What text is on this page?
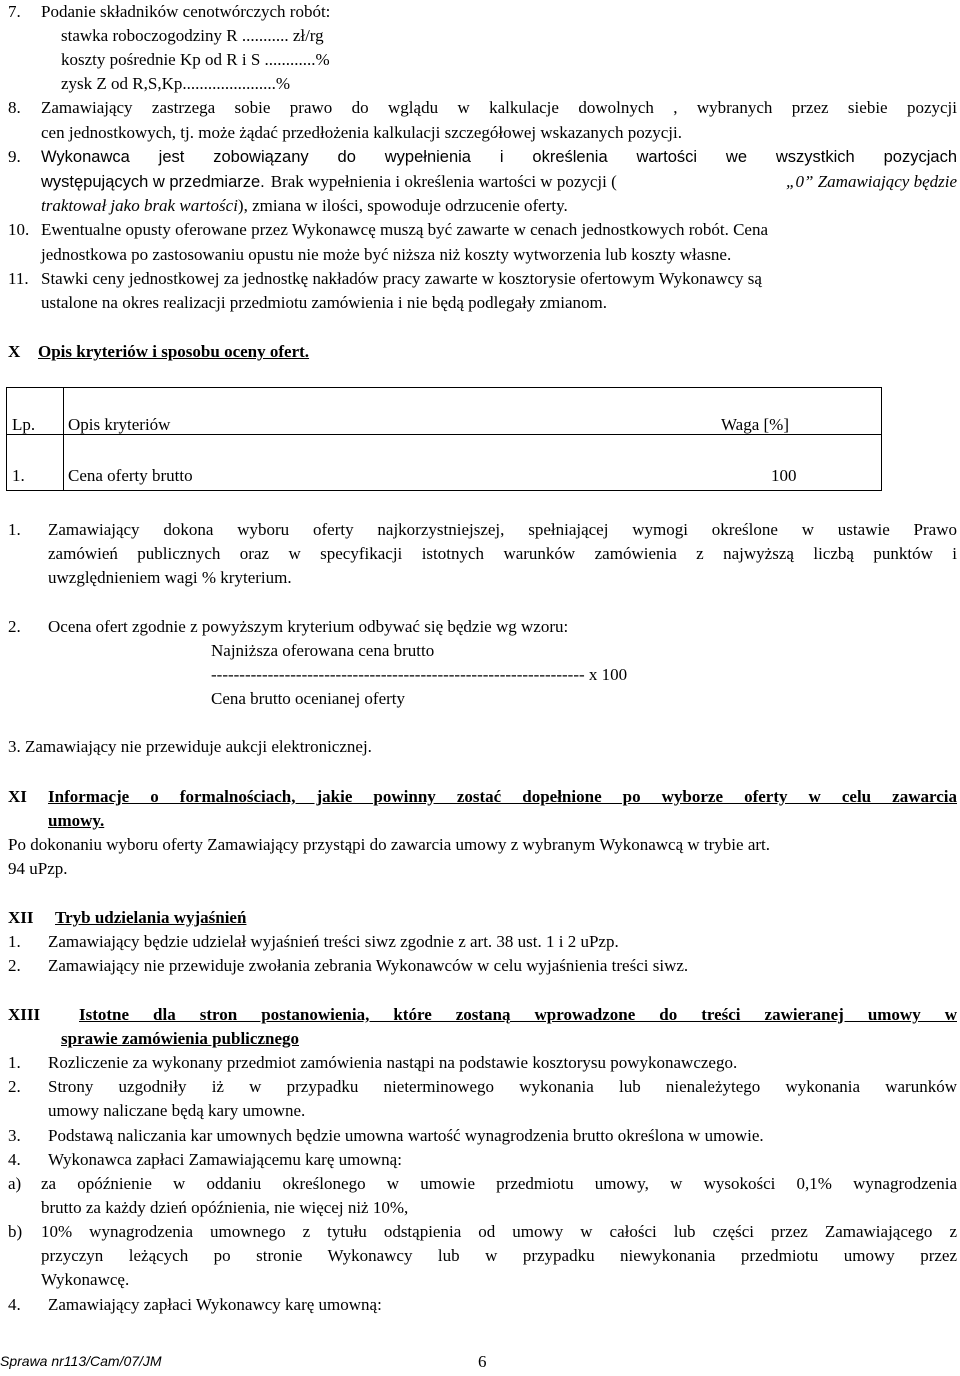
7. Podanie składników cenotwórczych robót:
stawka roboczogodziny R ........... zł/rg
koszty pośrednie Kp od R i S ............%
zysk Z od R,S,Kp......................%
8. Zamawiający zastrzega sobie prawo do wglądu w kalkulacje dowolnych , wybranych przez siebie pozycji
cen jednostkowych, tj. może żądać przedłożenia kalkulacji szczegółowej wskazanych pozycji.
9. Wykonawca jest zobowiązany do wypełnienia i określenia wartości we wszystkich pozycjach
występujących w przedmiarze. Brak wypełnienia i określenia wartości w pozycji (	„0” Zamawiający będzie
traktował jako brak wartości), zmiana w ilości, spowoduje odrzucenie oferty.
10. Ewentualne opusty oferowane przez Wykonawcę muszą być zawarte w cenach jednostkowych robót. Cena
jednostkowa po zastosowaniu opustu nie może być niższa niż koszty wytworzenia lub koszty własne.
11. Stawki ceny jednostkowej za jednostkę nakładów pracy zawarte w kosztorysie ofertowym Wykonawcy są
ustalone na okres realizacji przedmiotu zamówienia i nie będą podlegały zmianom.
X Opis kryteriów i sposobu oceny ofert.
Lp. Opis kryteriów	Waga [%]
1.	Cena oferty brutto	100
1. Zamawiający dokona wyboru oferty najkorzystniejszej, spełniającej wymogi określone w ustawie Prawo
zamówień publicznych oraz w specyfikacji istotnych warunków zamówienia z najwyższą liczbą punktów i
uwzględnieniem wagi % kryterium.
2. Ocena ofert zgodnie z powyższym kryterium odbywać się będzie wg wzoru:
Najniższa oferowana cena brutto
------------------------------------------------------------------ x 100
Cena brutto ocenianej oferty
3. Zamawiający nie przewiduje aukcji elektronicznej.
XI Informacje o formalnościach, jakie powinny zostać dopełnione po wyborze oferty w celu zawarcia
umowy.
Po dokonaniu wyboru oferty Zamawiający przystąpi do zawarcia umowy z wybranym Wykonawcą w trybie art.
94 uPzp.
XII Tryb udzielania wyjaśnień
1. Zamawiający będzie udzielał wyjaśnień treści siwz zgodnie z art. 38 ust. 1 i 2 uPzp.
2. Zamawiający nie przewiduje zwołania zebrania Wykonawców w celu wyjaśnienia treści siwz.
XIII Istotne dla stron postanowienia, które zostaną wprowadzone do treści zawieranej umowy w
sprawie zamówienia publicznego
1. Rozliczenie za wykonany przedmiot zamówienia nastąpi na podstawie kosztorysu powykonawczego.
2. Strony uzgodniły iż w przypadku nieterminowego wykonania lub nienależytego wykonania warunków
umowy naliczane będą kary umowne.
3. Podstawą naliczania kar umownych będzie umowna wartość wynagrodzenia brutto określona w umowie.
4. Wykonawca zapłaci Zamawiającemu karę umowną:
a) za opóźnienie w oddaniu określonego w umowie przedmiotu umowy, w wysokości 0,1% wynagrodzenia
brutto za każdy dzień opóźnienia, nie więcej niż 10%,
b) 10% wynagrodzenia umownego z tytułu odstąpienia od umowy w całości lub części przez Zamawiającego z
przyczyn leżących po stronie Wykonawcy lub w przypadku niewykonania przedmiotu umowy przez
Wykonawcę.
4. Zamawiający zapłaci Wykonawcy karę umowną:
Sprawa nr113/Cam/07/JM	6
